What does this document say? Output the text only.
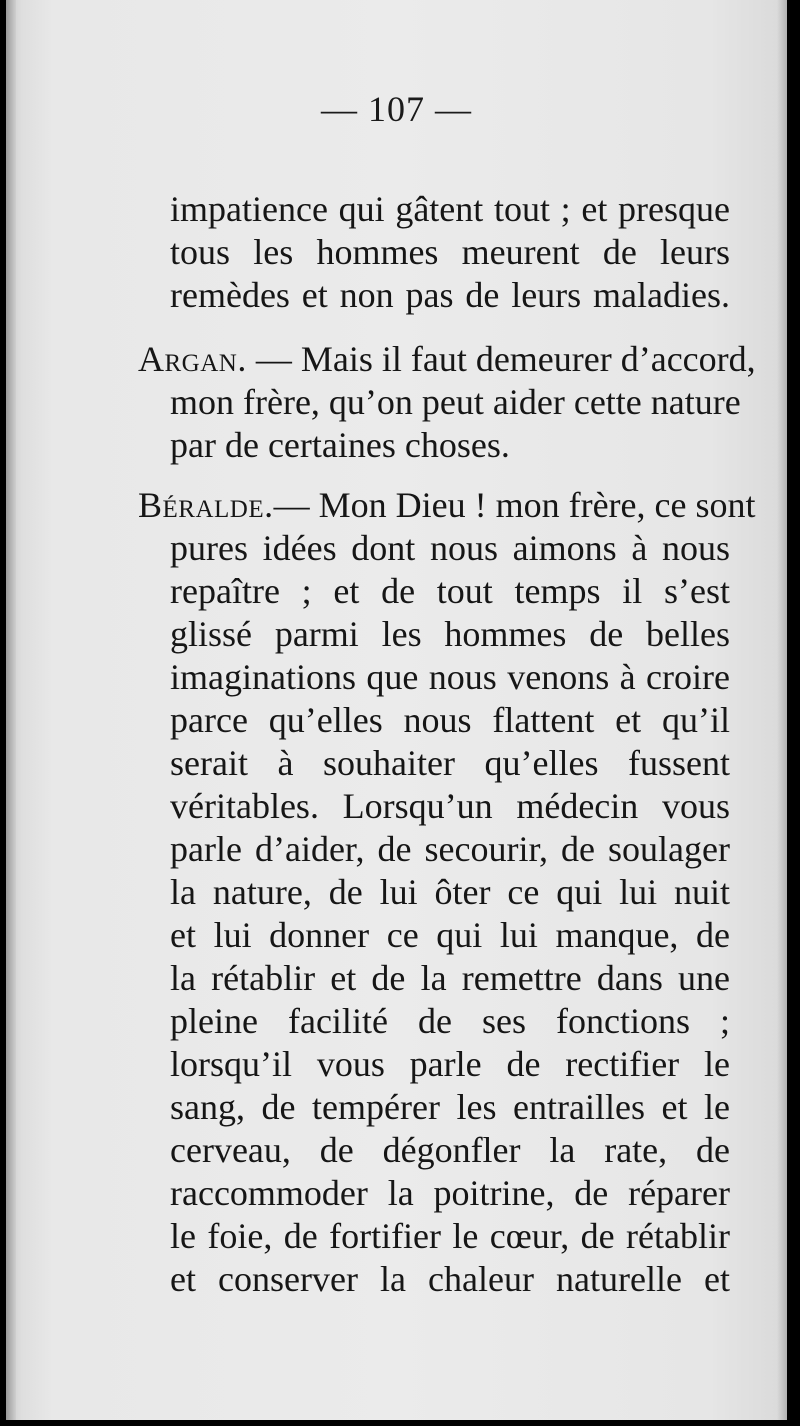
— 107 —

impatience qui gâtent tout ; et presque

tous les hommes meurent de leurs

remèdes et non pas de leurs maladies.

Argan. — Mais il faut demeurer d’accord,

mon frère, qu’on peut aider cette nature

par de certaines choses.

Béralde.— Mon Dieu ! mon frère, ce sont

pures idées dont nous aimons à nous

repaître ; et de tout temps il s’est

glissé parmi les hommes de belles

imaginations que nous venons à croire

parce qu’elles nous flattent et qu’il

serait à souhaiter qu’elles fussent

véritables. Lorsqu’un médecin vous

parle d’aider, de secourir, de soulager

la nature, de lui ôter ce qui lui nuit

et lui donner ce qui lui manque, de

la rétablir et de la remettre dans une

pleine facilité de ses fonctions ;

lorsqu’il vous parle de rectifier le

sang, de tempérer les entrailles et le

cerveau, de dégonfler la rate, de

raccommoder la poitrine, de réparer

le foie, de fortifier le cœur, de rétablir

et conserver la chaleur naturelle et
